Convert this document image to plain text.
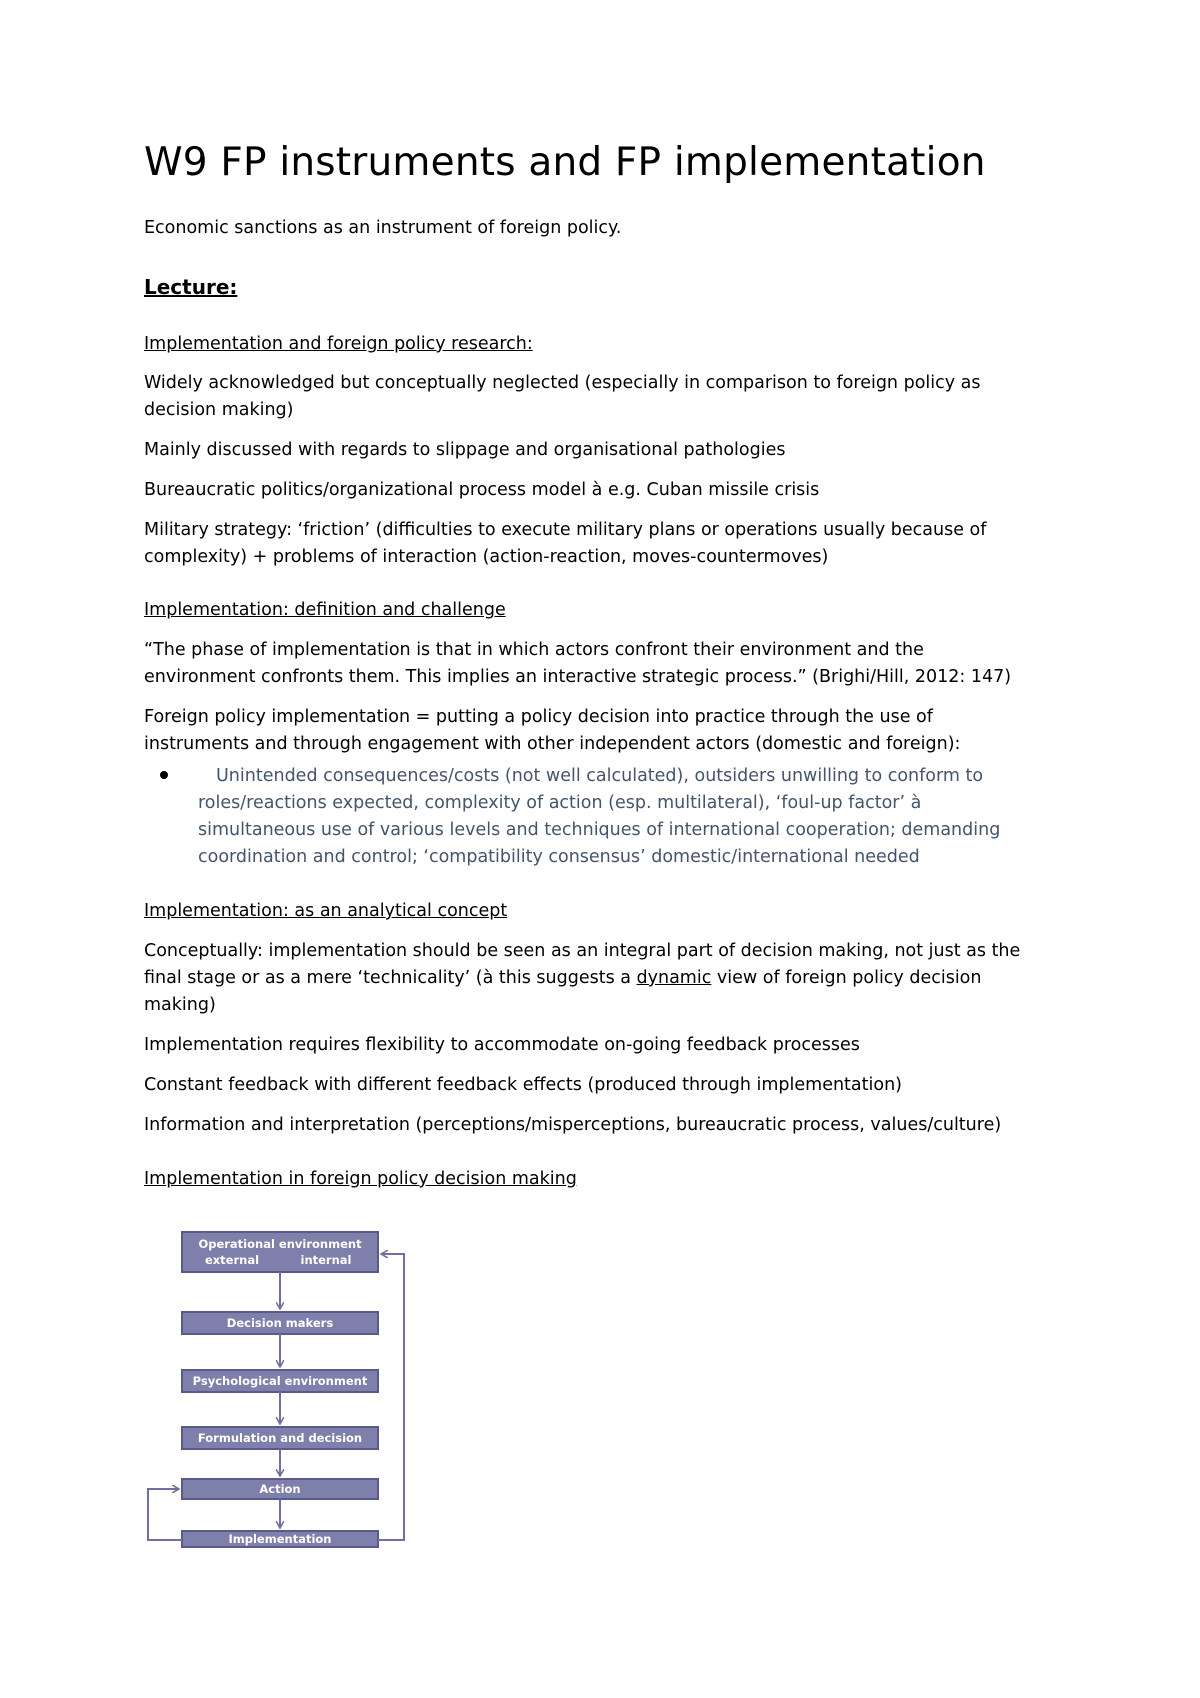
W9 FP instruments and FP implementation
Economic sanctions as an instrument of foreign policy.
Lecture:
Implementation and foreign policy research:
Widely acknowledged but conceptually neglected (especially in comparison to foreign policy as
decision making)
Mainly discussed with regards to slippage and organisational pathologies
Bureaucratic politics/organizational process model à e.g. Cuban missile crisis
Military strategy: ‘friction’ (difficulties to execute military plans or operations usually because of
complexity) + problems of interaction (action-reaction, moves-countermoves)
Implementation: definition and challenge
“The phase of implementation is that in which actors confront their environment and the
environment confronts them. This implies an interactive strategic process.” (Brighi/Hill, 2012: 147)
Foreign policy implementation = putting a policy decision into practice through the use of
instruments and through engagement with other independent actors (domestic and foreign):
Unintended consequences/costs (not well calculated), outsiders unwilling to conform to
roles/reactions expected, complexity of action (esp. multilateral), ‘foul-up factor’ à
simultaneous use of various levels and techniques of international cooperation; demanding
coordination and control; ‘compatibility consensus’ domestic/international needed
Implementation: as an analytical concept
Conceptually: implementation should be seen as an integral part of decision making, not just as the
final stage or as a mere ‘technicality’ (à this suggests a dynamic view of foreign policy decision
making)
Implementation requires flexibility to accommodate on-going feedback processes
Constant feedback with different feedback effects (produced through implementation)
Information and interpretation (perceptions/misperceptions, bureaucratic process, values/culture)
Implementation in foreign policy decision making
Operational environment
external	internal
Decision makers
Psychological environment
Formulation and decision
Action
Implementation
